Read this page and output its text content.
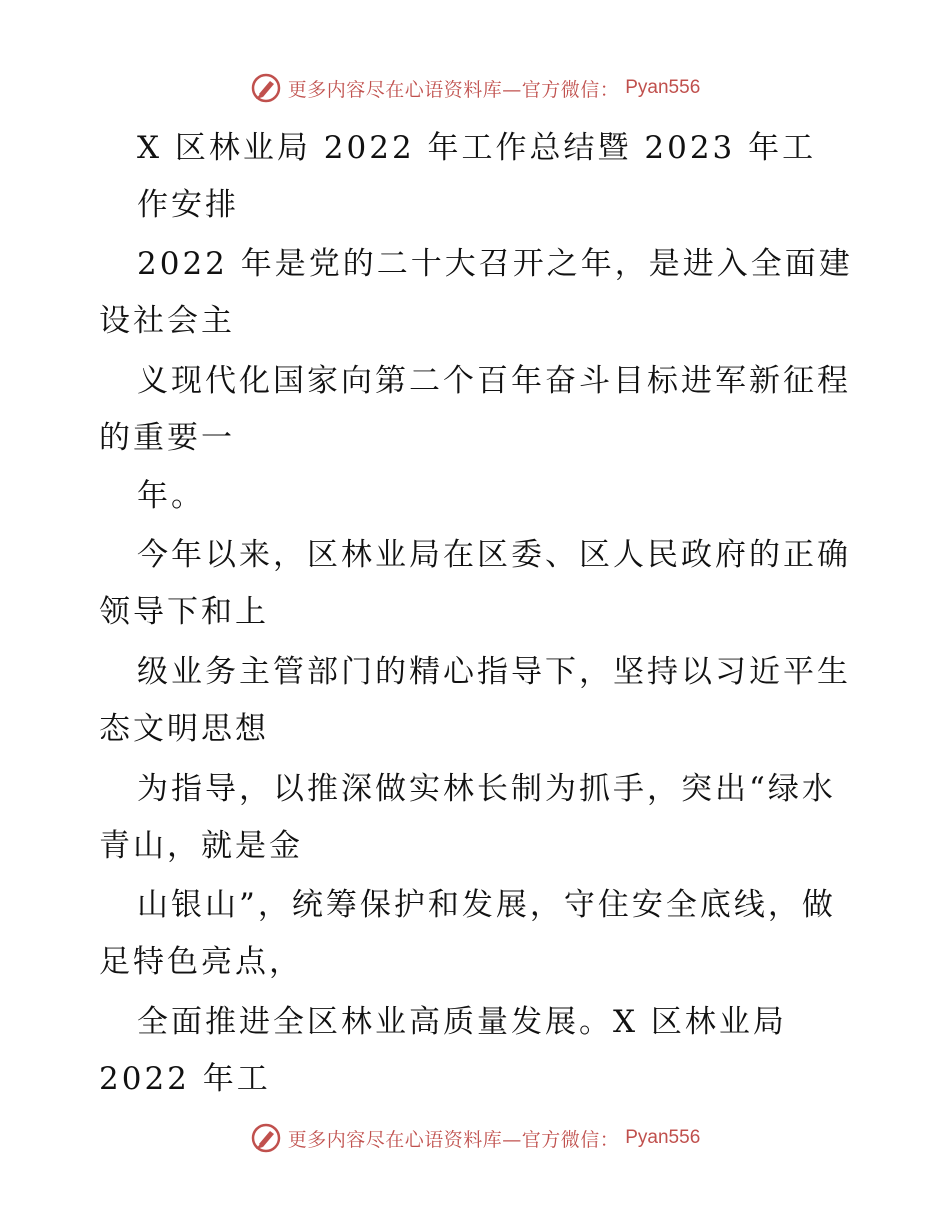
更多内容尽在心语资料库—官方微信： Pyan556
X 区林业局 2022 年工作总结暨 2023 年工
作安排
2022 年是党的二十大召开之年，是进入全面建
设社会主
义现代化国家向第二个百年奋斗目标进军新征程
的重要一
年。
今年以来，区林业局在区委、区人民政府的正确
领导下和上
级业务主管部门的精心指导下，坚持以习近平生
态文明思想
为指导，以推深做实林长制为抓手，突出“绿水
青山，就是金
山银山”，统筹保护和发展，守住安全底线，做
足特色亮点，
全面推进全区林业高质量发展。X 区林业局
2022 年工
更多内容尽在心语资料库—官方微信： Pyan556
